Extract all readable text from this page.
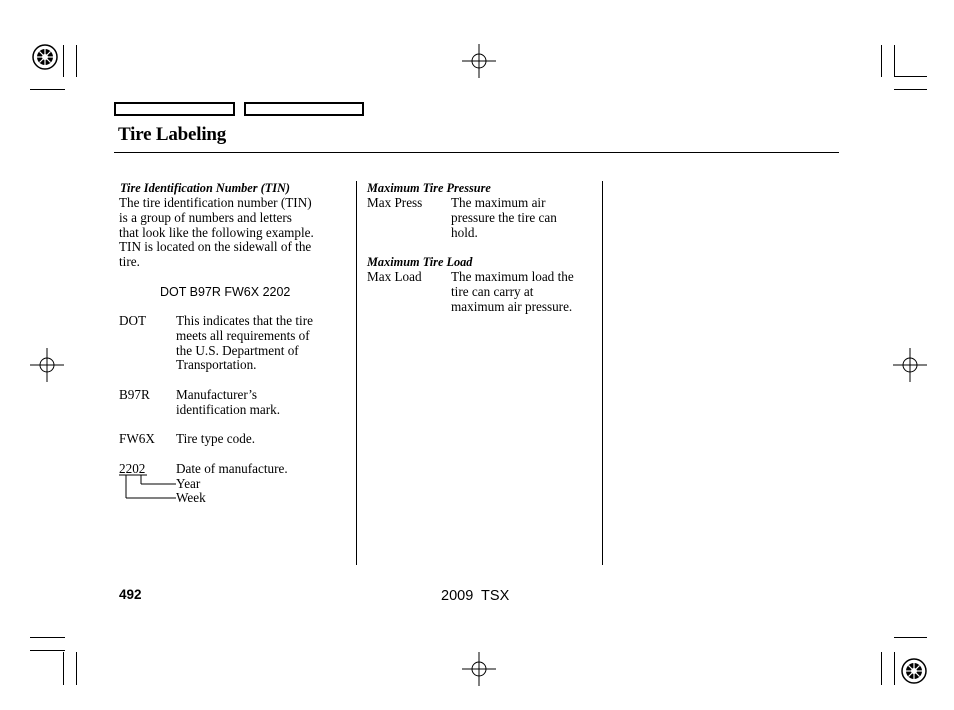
Tire Labeling
Tire Identification Number (TIN)
The tire identification number (TIN)
is a group of numbers and letters
that look like the following example.
TIN is located on the sidewall of the
tire.
DOT B97R FW6X 2202
DOT This indicates that the tire
meets all requirements of
the U.S. Department of
Transportation.
B97R Manufacturer’s
identification mark.
FW6X Tire type code.
2202 Date of manufacture.
Year
Week
Maximum Tire Pressure
Max Press The maximum air
pressure the tire can
hold.
Maximum Tire Load
Max Load The maximum load the
tire can carry at
maximum air pressure.
492	2009  TSX
